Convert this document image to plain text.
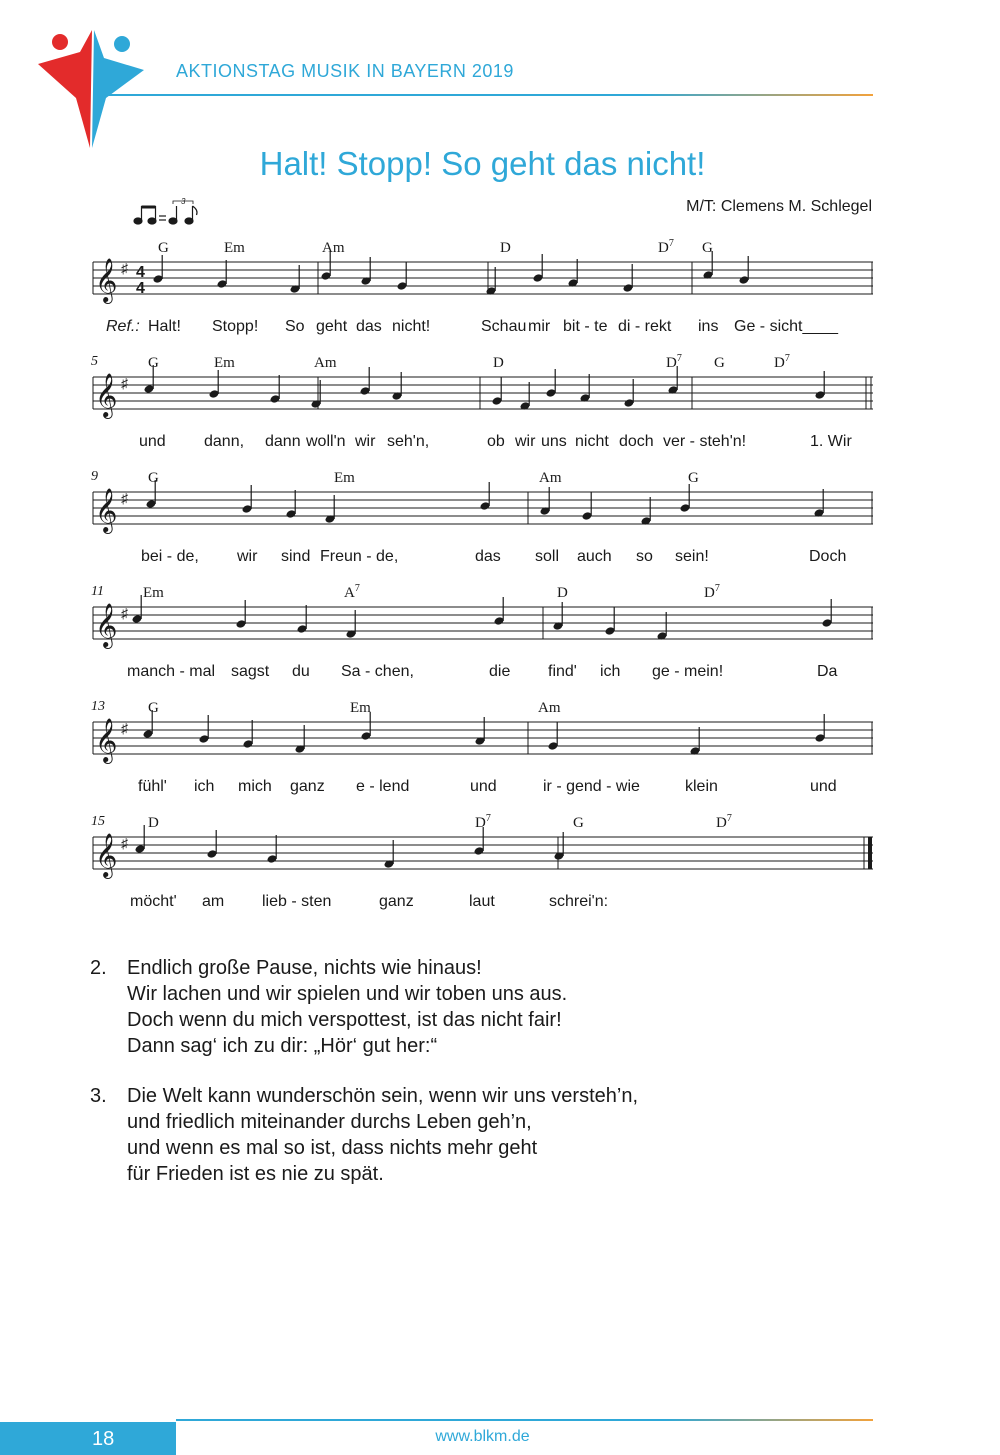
AKTIONSTAG MUSIK IN BAYERN 2019
Halt! Stopp! So geht das nicht!
M/T: Clemens M. Schlegel
3
𝄞 ♯ 4
4
G	Em	Am	D	$D^7$ G
Ref.: Halt! Stopp! So geht das nicht!	Schau mir bit - te di - rekt ins Ge - sicht____
𝄞 ♯
5	G	Em	Am	D	$D^7$ G	$D^7$
und dann, dann woll'n wir seh'n,	ob wir uns nicht doch ver - steh'n!	1. Wir
𝄞 ♯
9	G	Em	Am	G
bei - de, wir sind Freun - de,	das soll auch so sein!	Doch
𝄞 ♯
11	Em	$A^7$	D	$D^7$
manch - mal sagst du Sa - chen,	die find' ich ge - mein!	Da
𝄞 ♯
13	G	Em	Am
fühl' ich mich ganz e - lend	und	ir - gend - wie	klein	und
𝄞 ♯
15	D	$D^7$	G	$D^7$
möcht' am lieb - sten	ganz	laut	schrei'n:
2.	Endlich große Pause, nichts wie hinaus!
Wir lachen und wir spielen und wir toben uns aus.
Doch wenn du mich verspottest, ist das nicht fair!
Dann sag‘ ich zu dir: „Hör‘ gut her:“
3.	Die Welt kann wunderschön sein, wenn wir uns versteh’n,
und friedlich miteinander durchs Leben geh’n,
und wenn es mal so ist, dass nichts mehr geht
für Frieden ist es nie zu spät.
18	www.blkm.de
